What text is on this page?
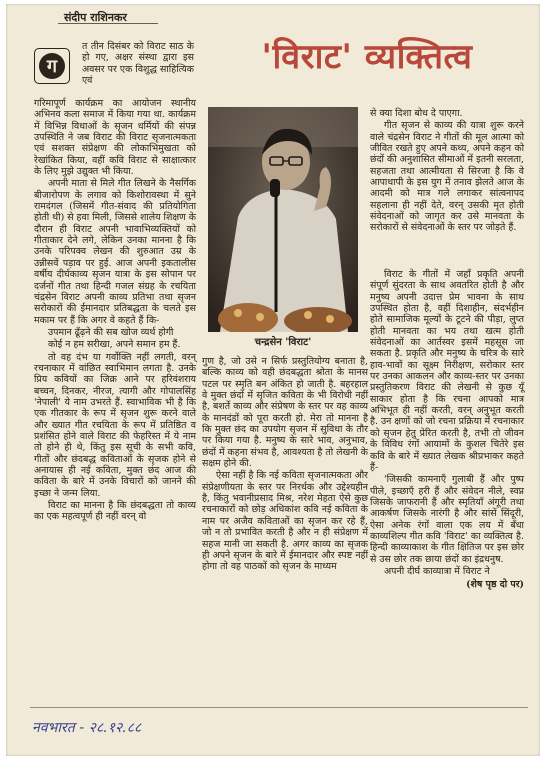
संदीप राशिनकर
ग
त तीन दिसंबर को विराट साठ के हो गए, अक्षर संस्था द्वारा इस अवसर पर एक विशुद्ध साहित्यिक एवं

गरिमापूर्ण कार्यक्रम का आयोजन स्थानीय अभिनव कला समाज में किया गया था. कार्यक्रम में विभिन्न विधाओं के सृजन धर्मियों की संपन्न उपस्थिति ने जब विराट की विराट सृजनात्मकता एवं सशक्त संप्रेक्षण की लोकाभिमुखता को रेखांकित किया, वहीं कवि विराट से साक्षात्कार के लिए मुझे उद्युक्त भी किया.

अपनी माता से मिले गीत लिखने के नैसर्गिक बीजारोपण के लगाव को किशोरावस्था में सुने रामदंगल (जिसमें गीत-संवाद की प्रतियोगिता होती थी) से हवा मिली, जिससे शालेय शिक्षण के दौरान ही विराट अपनी भावाभिव्यक्तियों को गीताकार देने लगे, लेकिन उनका मानना है कि उनके परिपक्व लेखन की शुरुआत उम्र के उन्नीसवें पड़ाव पर हुई. आज अपनी इकतालीस वर्षीय दीर्घकाव्य सृजन यात्रा के इस सोपान पर दर्जनों गीत तथा हिन्दी गजल संग्रह के रचयिता चंद्रसेन विराट अपनी काव्य प्रतिभा तथा सृजन सरोकारों की ईमानदार प्रतिबद्धता के चलते इस मकाम पर हैं कि अगर वे कहते हैं कि-

उपमान ढूँढ़ने की सब खोज व्यर्थ होगी

कोई न हम सरीखा, अपने समान हम हैं.

तो वह दंभ या गर्वोक्ति नहीं लगती, वरन् रचनाकार में वांछित स्वाभिमान लगता है. उनके प्रिय कवियों का जिक्र आने पर हरिवंशराय बच्चन, दिनकर, नीरज, त्यागी और गोपालसिंह 'नेपाली' ये नाम उभरते हैं. स्वाभाविक भी है कि एक गीतकार के रूप में सृजन शुरू करने वाले और ख्यात गीत रचयिता के रूप में प्रतिष्ठित व प्रशंसित होने वाले विराट की फेहरिस्त में ये नाम तो होने ही थे, किंतु इस सूची के सभी कवि, गीतों और छंदबद्ध कविताओं के सृजक होने से अनायास ही नई कविता, मुक्त छंद आज की कविता के बारे में उनके विचारों को जानने की इच्छा ने जन्म लिया.

विराट का मानना है कि छंदबद्धता तो काव्य का एक महत्वपूर्ण ही नहीं वरन् वो

'विराट' व्यक्तित्व
चन्द्रसेन 'विराट'

से क्या दिशा बोध दे पाएगा.

गीत सृजन से काव्य की यात्रा शुरू करने वाले चंद्रसेन विराट ने गीतों की मूल आत्मा को जीवित रखते हुए अपने कथ्य, अपने कहन को छंदों की अनुशासित सीमाओं में इतनी सरलता, सहजता तथा आत्मीयता से सिरजा है कि वे आपाधापी के इस युग में तनाव झेलते आज के आदमी को मात्र गले लगाकर सांत्वनापद सहलाना ही नहीं देते, वरन् उसकी मृत होती संवेदनाओं को जागृत कर उसे मानवता के सरोकारों से संवेदनाओं के स्तर पर जोड़ते हैं.

गुण है, जो उसे न सिर्फ प्रस्तुतियोग्य बनाता है, बल्कि काव्य को वही छंदबद्धता श्रोता के मानस पटल पर स्मृति बन अंकित हो जाती है. बहरहाल वे मुक्त छंदों में सृजित कविता के भी विरोधी नहीं है, बशर्ते काव्य और संप्रेषण के स्तर पर वह काव्य के मानदंडों को पूरा करती हो. मेरा तो मानना है कि मुक्त छंद का उपयोग सृजन में सुविधा के तौर पर किया गया है. मनुष्य के सारे भाव, अनुभाव, छंदों में कहना संभव है, आवश्यता है तो लेखनी के सक्षम होने की.

ऐसा नहीं है कि नई कविता सृजनात्मकता और संप्रेक्षणीयता के स्तर पर निरर्थक और उद्देश्यहीन है, किंतु भवानीप्रसाद मिश्र, नरेश मेहता ऐसे कुछ रचनाकारों को छोड़ अधिकांश कवि नई कविता के नाम पर अजैव कविताओं का सृजन कर रहे हैं, जो न तो प्रभावित करती है और न ही संप्रेक्षण में सहज मानी जा सकती है. अगर काव्य का सृजक ही अपने सृजन के बारे में ईमानदार और स्पष्ट नहीं होगा तो वह पाठकों को सृजन के माध्यम

विराट के गीतों में जहाँ प्रकृति अपनी संपूर्ण सुंदरता के साथ अवतरित होती है और मनुष्य अपनी उदात्त प्रेम भावना के साथ उपस्थित होता है, वहीं दिशाहीन, संदर्भहीन होते सामाजिक मूल्यों के टूटने की पीड़ा, लुप्त होती मानवता का भय तथा खत्म होती संवेदनाओं का आर्तस्वर इसमें महसूस जा सकता है. प्रकृति और मनुष्य के चरित्र के सारे हाव-भावों का सूक्ष्म निरीक्षण, सरोकार स्तर पर उनका आकलन और काव्य-स्तर पर उनका प्रस्तुतिकरण विराट की लेखनी से कुछ यूँ साकार होता है कि रचना आपको मात्र अभिभूत ही नहीं करती, वरन् अनुभूत करती है. उन क्षणों को जो रचना प्रक्रिया में रचनाकार को सृजन हेतु प्रेरित करती है, तभी तो जीवन के विविध रंगों आयामों के कुशल चितेरे इस कवि के बारे में ख्यात लेखक श्रीप्रभाकर कहते हैं-

'जिसकी कामनाएँ गुलाबी हैं और पुष्प पीले, इच्छाएँ हरी हैं और संवेदन नीले, स्वप्न जिसके जाफरानी हैं और स्मृतियाँ अंगूरी तथा आकर्षण जिसके नारंगी है और सांसें सिंदूरी, ऐसा अनेक रंगों वाला एक लय में बँधा काव्यशिल्प गीत कवि 'विराट' का व्यक्तित्व है. हिन्दी काव्याकाश के गीत क्षितिज पर इस छोर से उस छोर तक छाया छंदों का इंद्रधनुष.

अपनी दीर्घ काव्यात्रा में विराट ने

(शेष पृष्ठ दो पर)

नवभारत - २८.१२.८८
